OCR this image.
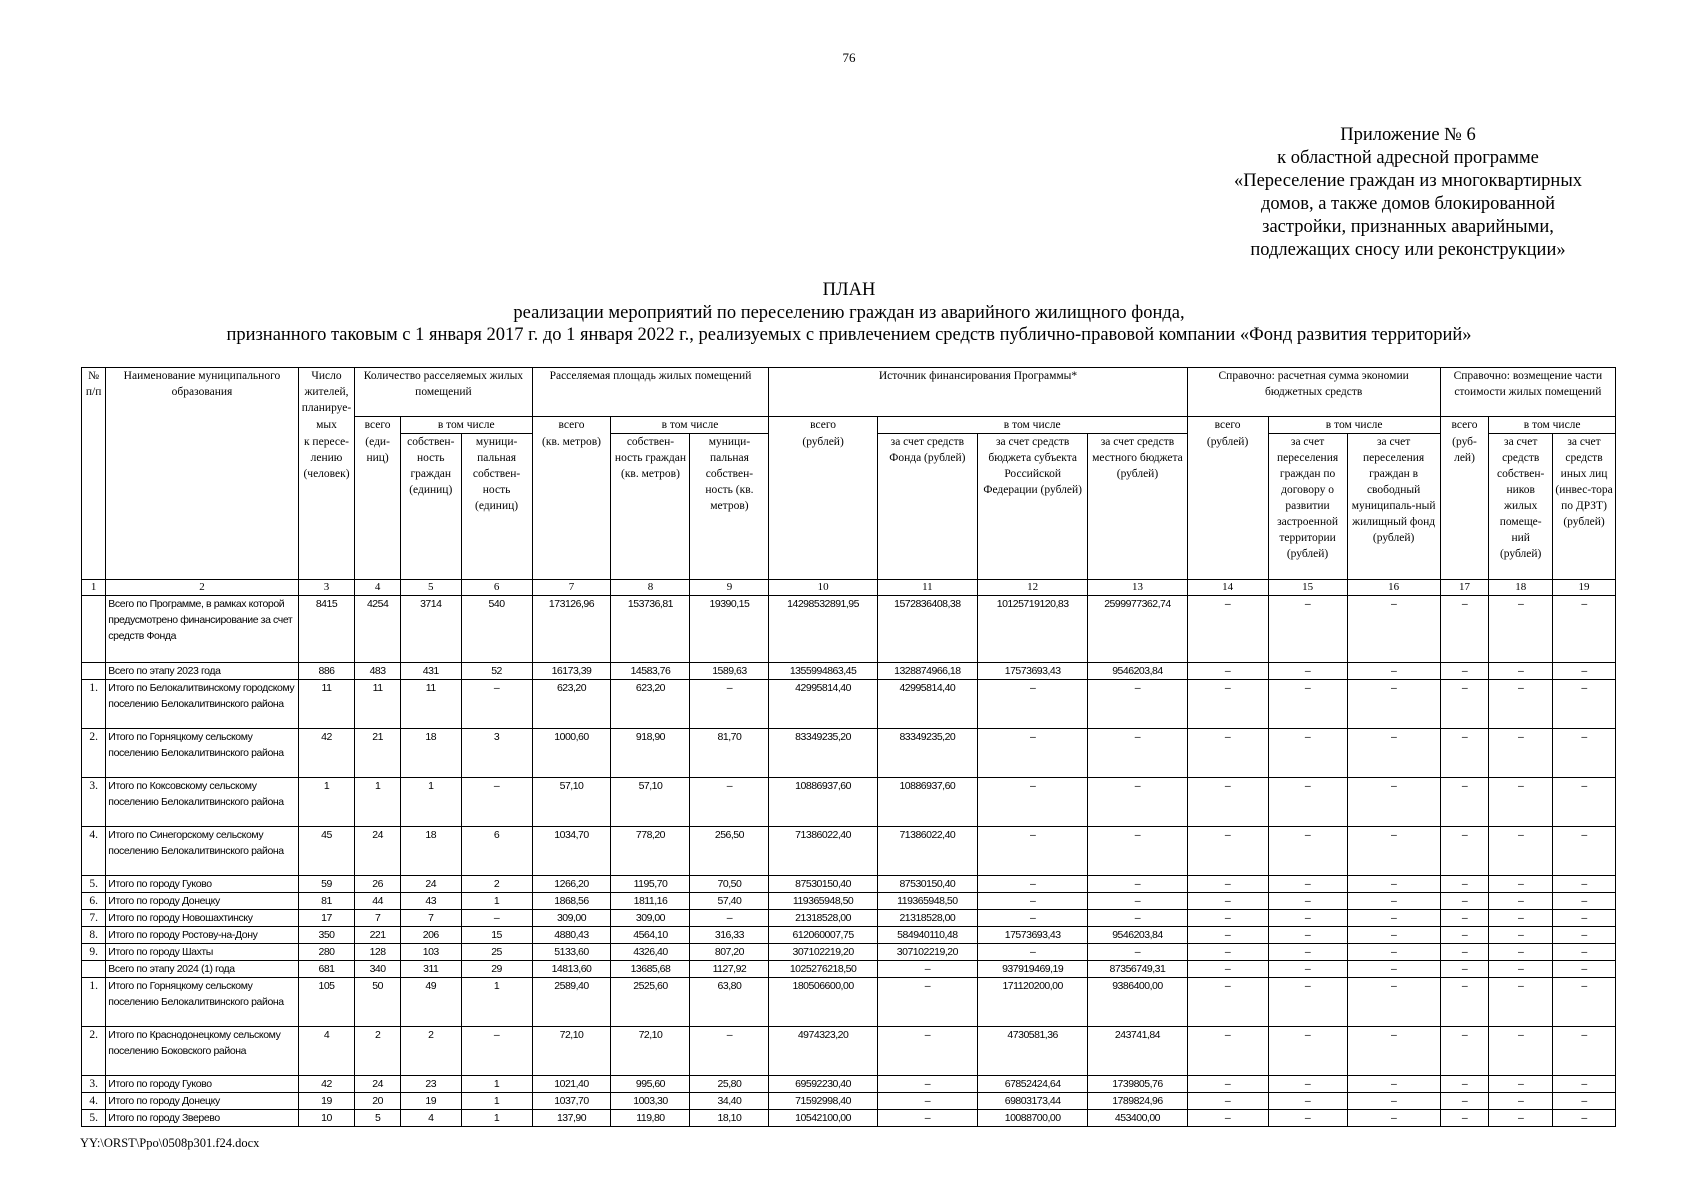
76
Приложение № 6
к областной адресной программе
«Переселение граждан из многоквартирных
домов, а также домов блокированной
застройки, признанных аварийными,
подлежащих сносу или реконструкции»
ПЛАН
реализации мероприятий по переселению граждан из аварийного жилищного фонда,
признанного таковым с 1 января 2017 г. до 1 января 2022 г., реализуемых с привлечением средств публично-правовой компании «Фонд развития территорий»
№ п/п	Наименование муниципального образования	Число жителей, планируе-	Количество расселяемых жилых помещений			Расселяемая площадь жилых помещений			Источник финансирования Программы*				Справочно: расчетная сумма экономии бюджетных средств			Справочно: возмещение части стоимости жилых помещений		
		мых	всего	в том числе		всего	в том числе		всего	в том числе			всего	в том числе		всего	в том числе	
		к пересе-лению (человек)	(еди-ниц)	собствен-ность граждан (единиц)	муници-пальная собствен-ность (единиц)	(кв. метров)	собствен-ность граждан (кв. метров)	муници-пальная собствен-ность (кв. метров)	(рублей)	за счет средств Фонда (рублей)	за счет средств бюджета субъекта Российской Федерации (рублей)	за счет средств местного бюджета (рублей)	(рублей)	за счет переселения граждан по договору о развитии застроенной территории (рублей)	за счет переселения граждан в свободный муниципаль-ный жилищный фонд (рублей)	(руб-лей)	за счет средств собствен-ников жилых помеще-ний (рублей)	за счет средств иных лиц (инвес-тора по ДРЗТ) (рублей)
1	2	3	4	5	6	7	8	9	10	11	12	13	14	15	16	17	18	19
	Всего по Программе, в рамках которой предусмотрено финансирование за счет средств Фонда	8415	4254	3714	540	173126,96	153736,81	19390,15	14298532891,95	1572836408,38	10125719120,83	2599977362,74	–	–	–	–	–	–
	Всего по этапу 2023 года	886	483	431	52	16173,39	14583,76	1589,63	1355994863,45	1328874966,18	17573693,43	9546203,84	–	–	–	–	–	–
1.	Итого по Белокалитвинскому городскому поселению Белокалитвинского района	11	11	11	–	623,20	623,20	–	42995814,40	42995814,40	–	–	–	–	–	–	–	–
2.	Итого по Горняцкому сельскому поселению Белокалитвинского района	42	21	18	3	1000,60	918,90	81,70	83349235,20	83349235,20	–	–	–	–	–	–	–	–
3.	Итого по Коксовскому сельскому поселению Белокалитвинского района	1	1	1	–	57,10	57,10	–	10886937,60	10886937,60	–	–	–	–	–	–	–	–
4.	Итого по Синегорскому сельскому поселению Белокалитвинского района	45	24	18	6	1034,70	778,20	256,50	71386022,40	71386022,40	–	–	–	–	–	–	–	–
5.	Итого по городу Гуково	59	26	24	2	1266,20	1195,70	70,50	87530150,40	87530150,40	–	–	–	–	–	–	–	–
6.	Итого по городу Донецку	81	44	43	1	1868,56	1811,16	57,40	119365948,50	119365948,50	–	–	–	–	–	–	–	–
7.	Итого по городу Новошахтинску	17	7	7	–	309,00	309,00	–	21318528,00	21318528,00	–	–	–	–	–	–	–	–
8.	Итого по городу Ростову-на-Дону	350	221	206	15	4880,43	4564,10	316,33	612060007,75	584940110,48	17573693,43	9546203,84	–	–	–	–	–	–
9.	Итого по городу Шахты	280	128	103	25	5133,60	4326,40	807,20	307102219,20	307102219,20	–	–	–	–	–	–	–	–
	Всего по этапу 2024 (1) года	681	340	311	29	14813,60	13685,68	1127,92	1025276218,50	–	937919469,19	87356749,31	–	–	–	–	–	–
1.	Итого по Горняцкому сельскому поселению Белокалитвинского района	105	50	49	1	2589,40	2525,60	63,80	180506600,00	–	171120200,00	9386400,00	–	–	–	–	–	–
2.	Итого по Краснодонецкому сельскому поселению Боковского района	4	2	2	–	72,10	72,10	–	4974323,20	–	4730581,36	243741,84	–	–	–	–	–	–
3.	Итого по городу Гуково	42	24	23	1	1021,40	995,60	25,80	69592230,40	–	67852424,64	1739805,76	–	–	–	–	–	–
4.	Итого по городу Донецку	19	20	19	1	1037,70	1003,30	34,40	71592998,40	–	69803173,44	1789824,96	–	–	–	–	–	–
5.	Итого по городу Зверево	10	5	4	1	137,90	119,80	18,10	10542100,00	–	10088700,00	453400,00	–	–	–	–	–	–
YY:\ORST\Ppo\0508p301.f24.docx
